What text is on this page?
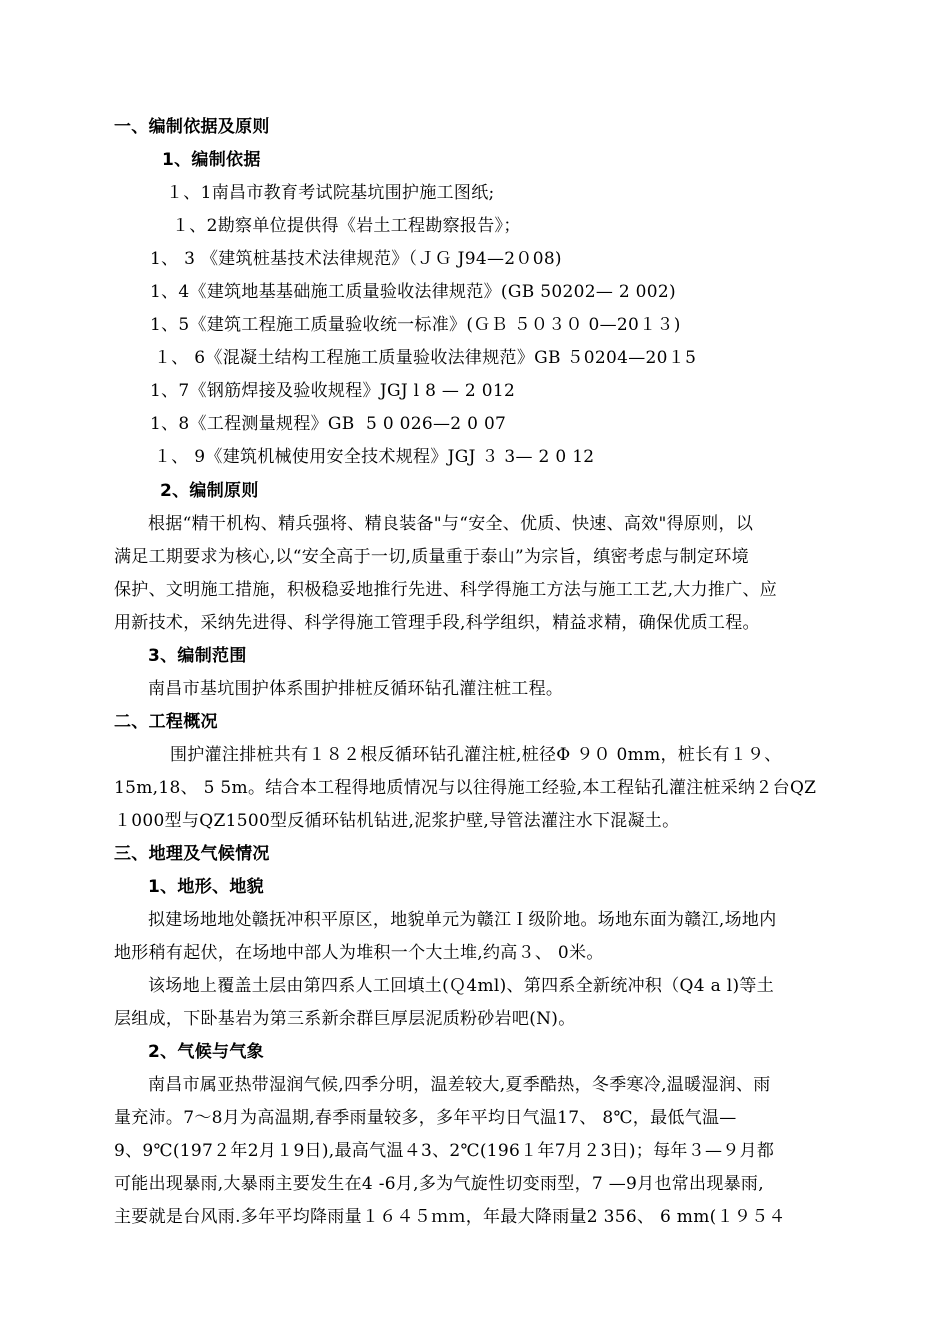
一、编制依据及原则
1、编制依据
１、1南昌市教育考试院基坑围护施工图纸;
１、2勘察单位提供得《岩土工程勘察报告》；
1、 3 《建筑桩基技术法律规范》（ＪＧ J94—2０08)
1、4《建筑地基基础施工质量验收法律规范》(GB 50202— 2 002)
1、5《建筑工程施工质量验收统一标准》(ＧＢ ５０３０ 0—20１３)
１、 6《混凝土结构工程施工质量验收法律规范》GB ５0204—20１5
1、7《钢筋焊接及验收规程》JGJ l 8 — 2 012
1、8《工程测量规程》GB  5 0 026—2 0 07
１、 9《建筑机械使用安全技术规程》JGJ ３ 3— 2 0 12
2、编制原则
根据“精干机构、精兵强将、精良装备"与“安全、优质、快速、高效"得原则，以
满足工期要求为核心,以“安全高于一切,质量重于泰山”为宗旨，缜密考虑与制定环境
保护、文明施工措施，积极稳妥地推行先进、科学得施工方法与施工工艺,大力推广、应
用新技术，采纳先进得、科学得施工管理手段,科学组织，精益求精，确保优质工程。
3、编制范围
南昌市基坑围护体系围护排桩反循环钻孔灌注桩工程。
二、工程概况
围护灌注排桩共有１８２根反循环钻孔灌注桩,桩径Φ ９０ 0mm，桩长有１９、
15m,18、 5 5m。结合本工程得地质情况与以往得施工经验,本工程钻孔灌注桩采纳２台QZ
１000型与QZ1500型反循环钻机钻进,泥浆护壁,导管法灌注水下混凝土。
三、地理及气候情况
1、地形、地貌
拟建场地地处赣抚冲积平原区，地貌单元为赣江Ｉ级阶地。场地东面为赣江,场地内
地形稍有起伏，在场地中部人为堆积一个大土堆,约高３、 0米。
该场地上覆盖土层由第四系人工回填土(Ｑ4ml)、第四系全新统冲积（Q4 a l)等土
层组成，下卧基岩为第三系新余群巨厚层泥质粉砂岩吧(N)。
2、气候与气象
南昌市属亚热带湿润气候,四季分明，温差较大,夏季酷热，冬季寒冷,温暖湿润、雨
量充沛。7～8月为高温期,春季雨量较多，多年平均日气温17、 8℃，最低气温—
9、9℃(197２年2月１9日),最高气温４3、2℃(196１年7月２3日)；每年３—９月都
可能出现暴雨,大暴雨主要发生在4 -6月,多为气旋性切变雨型，7 —9月也常出现暴雨,
主要就是台风雨.多年平均降雨量１６４５ｍｍ，年最大降雨量2 356、 6 mm(１９５４
